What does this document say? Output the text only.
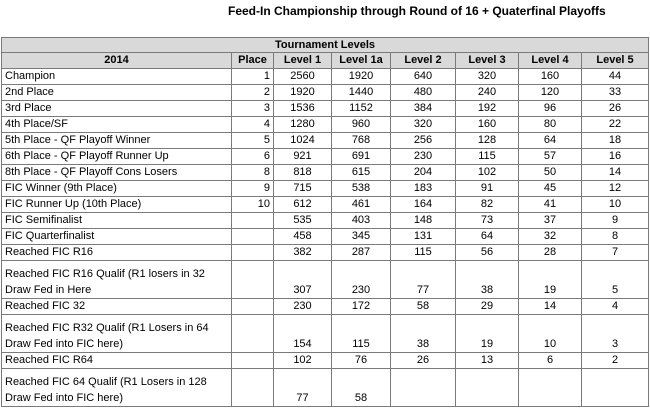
Feed-In Championship through Round of 16 + Quaterfinal Playoffs
Tournament Levels							
2014	Place	Level 1	Level 1a	Level 2	Level 3	Level 4	Level 5
Champion	1	2560	1920	640	320	160	44
2nd Place	2	1920	1440	480	240	120	33
3rd Place	3	1536	1152	384	192	96	26
4th Place/SF	4	1280	960	320	160	80	22
5th Place - QF Playoff Winner	5	1024	768	256	128	64	18
6th Place - QF Playoff Runner Up	6	921	691	230	115	57	16
8th Place - QF Playoff Cons Losers	8	818	615	204	102	50	14
FIC Winner (9th Place)	9	715	538	183	91	45	12
FIC Runner Up (10th Place)	10	612	461	164	82	41	10
FIC Semifinalist		535	403	148	73	37	9
FIC Quarterfinalist		458	345	131	64	32	8
Reached FIC R16		382	287	115	56	28	7
Reached FIC R16 Qualif (R1 losers in 32 Draw Fed in Here		307	230	77	38	19	5
Reached FIC 32		230	172	58	29	14	4
Reached FIC R32 Qualif (R1 Losers in 64 Draw Fed into FIC here)		154	115	38	19	10	3
Reached FIC R64		102	76	26	13	6	2
Reached FIC 64 Qualif (R1 Losers in 128 Draw Fed into FIC here)		77	58				
